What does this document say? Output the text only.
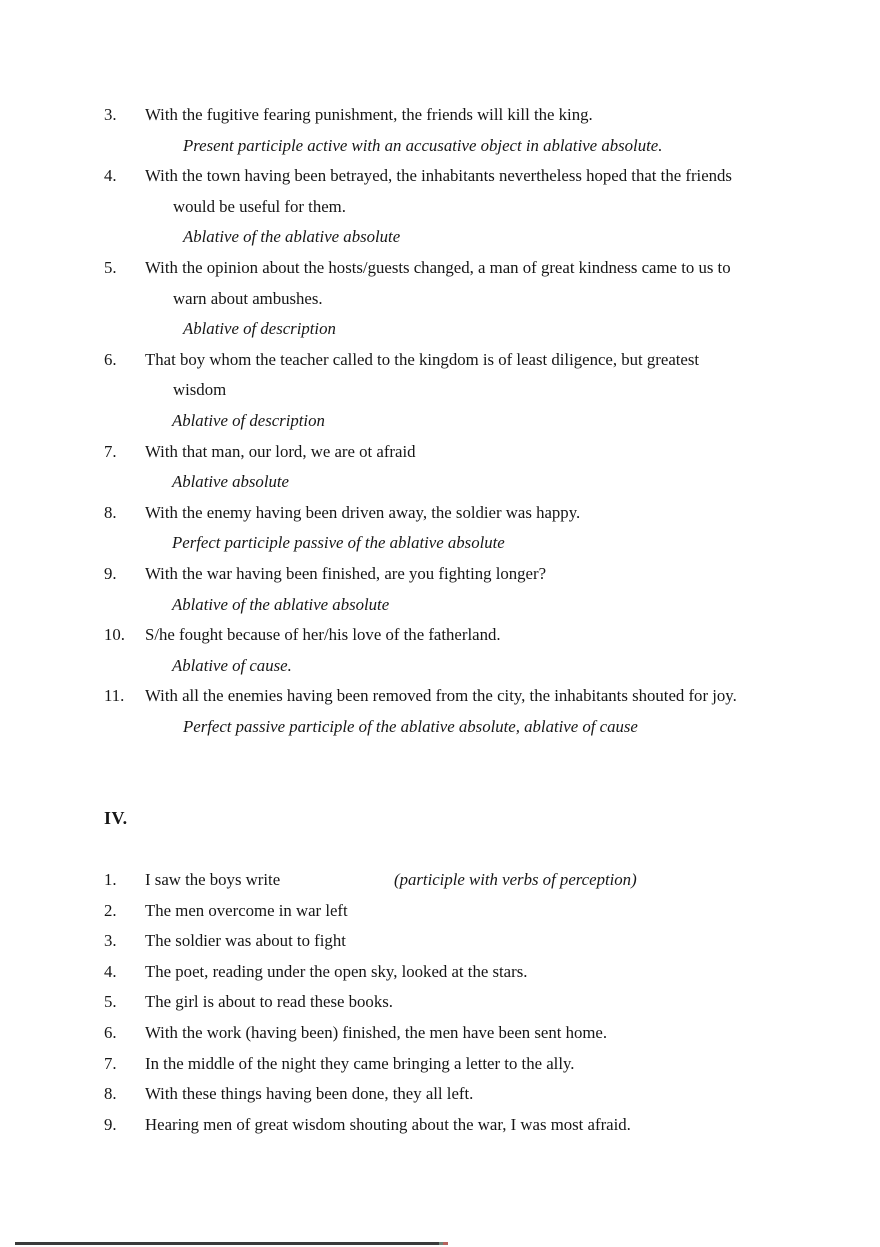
3. With the fugitive fearing punishment, the friends will kill the king.
Present participle active with an accusative object in ablative absolute.
4. With the town having been betrayed, the inhabitants nevertheless hoped that the friends
would be useful for them.
Ablative of the ablative absolute
5. With the opinion about the hosts/guests changed, a man of great kindness came to us to
warn about ambushes.
Ablative of description
6. That boy whom the teacher called to the kingdom is of least diligence, but greatest
wisdom
Ablative of description
7. With that man, our lord, we are ot afraid
Ablative absolute
8. With the enemy having been driven away, the soldier was happy.
Perfect participle passive of the ablative absolute
9. With the war having been finished, are you fighting longer?
Ablative of the ablative absolute
10. S/he fought because of her/his love of the fatherland.
Ablative of cause.
11. With all the enemies having been removed from the city, the inhabitants shouted for joy.
Perfect passive participle of the ablative absolute, ablative of cause
IV.
1. I saw the boys write	(participle with verbs of perception)
2. The men overcome in war left
3. The soldier was about to fight
4. The poet, reading under the open sky, looked at the stars.
5. The girl is about to read these books.
6. With the work (having been) finished, the men have been sent home.
7. In the middle of the night they came bringing a letter to the ally.
8. With these things having been done, they all left.
9. Hearing men of great wisdom shouting about the war, I was most afraid.
